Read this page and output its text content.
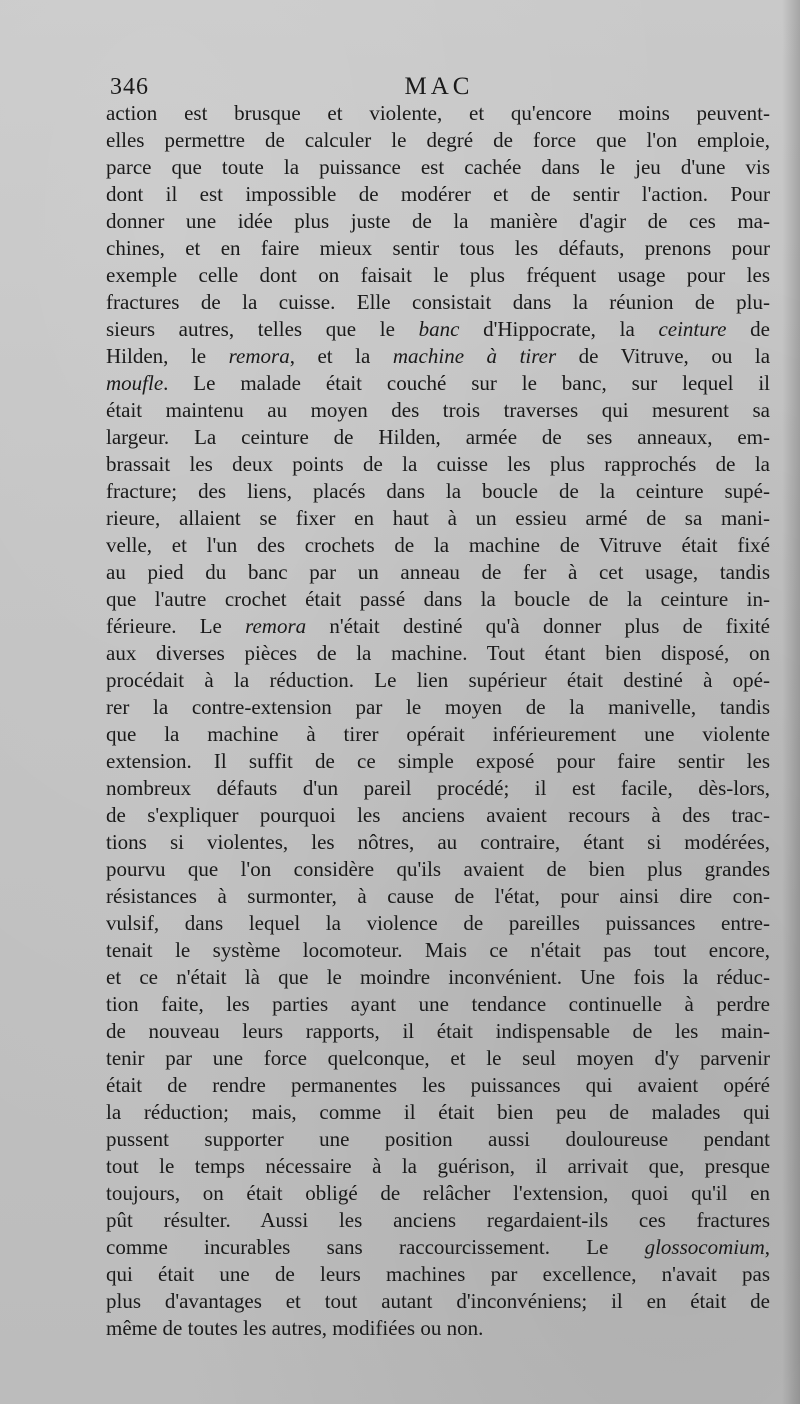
346	MAC
action est brusque et violente, et qu'encore moins peuvent-
elles permettre de calculer le degré de force que l'on emploie,
parce que toute la puissance est cachée dans le jeu d'une vis
dont il est impossible de modérer et de sentir l'action. Pour
donner une idée plus juste de la manière d'agir de ces ma-
chines, et en faire mieux sentir tous les défauts, prenons pour
exemple celle dont on faisait le plus fréquent usage pour les
fractures de la cuisse. Elle consistait dans la réunion de plu-
sieurs autres, telles que le banc d'Hippocrate, la ceinture de
Hilden, le remora, et la machine à tirer de Vitruve, ou la
moufle. Le malade était couché sur le banc, sur lequel il
était maintenu au moyen des trois traverses qui mesurent sa
largeur. La ceinture de Hilden, armée de ses anneaux, em-
brassait les deux points de la cuisse les plus rapprochés de la
fracture; des liens, placés dans la boucle de la ceinture supé-
rieure, allaient se fixer en haut à un essieu armé de sa mani-
velle, et l'un des crochets de la machine de Vitruve était fixé
au pied du banc par un anneau de fer à cet usage, tandis
que l'autre crochet était passé dans la boucle de la ceinture in-
férieure. Le remora n'était destiné qu'à donner plus de fixité
aux diverses pièces de la machine. Tout étant bien disposé, on
procédait à la réduction. Le lien supérieur était destiné à opé-
rer la contre-extension par le moyen de la manivelle, tandis
que la machine à tirer opérait inférieurement une violente
extension. Il suffit de ce simple exposé pour faire sentir les
nombreux défauts d'un pareil procédé; il est facile, dès-lors,
de s'expliquer pourquoi les anciens avaient recours à des trac-
tions si violentes, les nôtres, au contraire, étant si modérées,
pourvu que l'on considère qu'ils avaient de bien plus grandes
résistances à surmonter, à cause de l'état, pour ainsi dire con-
vulsif, dans lequel la violence de pareilles puissances entre-
tenait le système locomoteur. Mais ce n'était pas tout encore,
et ce n'était là que le moindre inconvénient. Une fois la réduc-
tion faite, les parties ayant une tendance continuelle à perdre
de nouveau leurs rapports, il était indispensable de les main-
tenir par une force quelconque, et le seul moyen d'y parvenir
était de rendre permanentes les puissances qui avaient opéré
la réduction; mais, comme il était bien peu de malades qui
pussent supporter une position aussi douloureuse pendant
tout le temps nécessaire à la guérison, il arrivait que, presque
toujours, on était obligé de relâcher l'extension, quoi qu'il en
pût résulter. Aussi les anciens regardaient-ils ces fractures
comme incurables sans raccourcissement. Le glossocomium,
qui était une de leurs machines par excellence, n'avait pas
plus d'avantages et tout autant d'inconvéniens; il en était de
même de toutes les autres, modifiées ou non.
